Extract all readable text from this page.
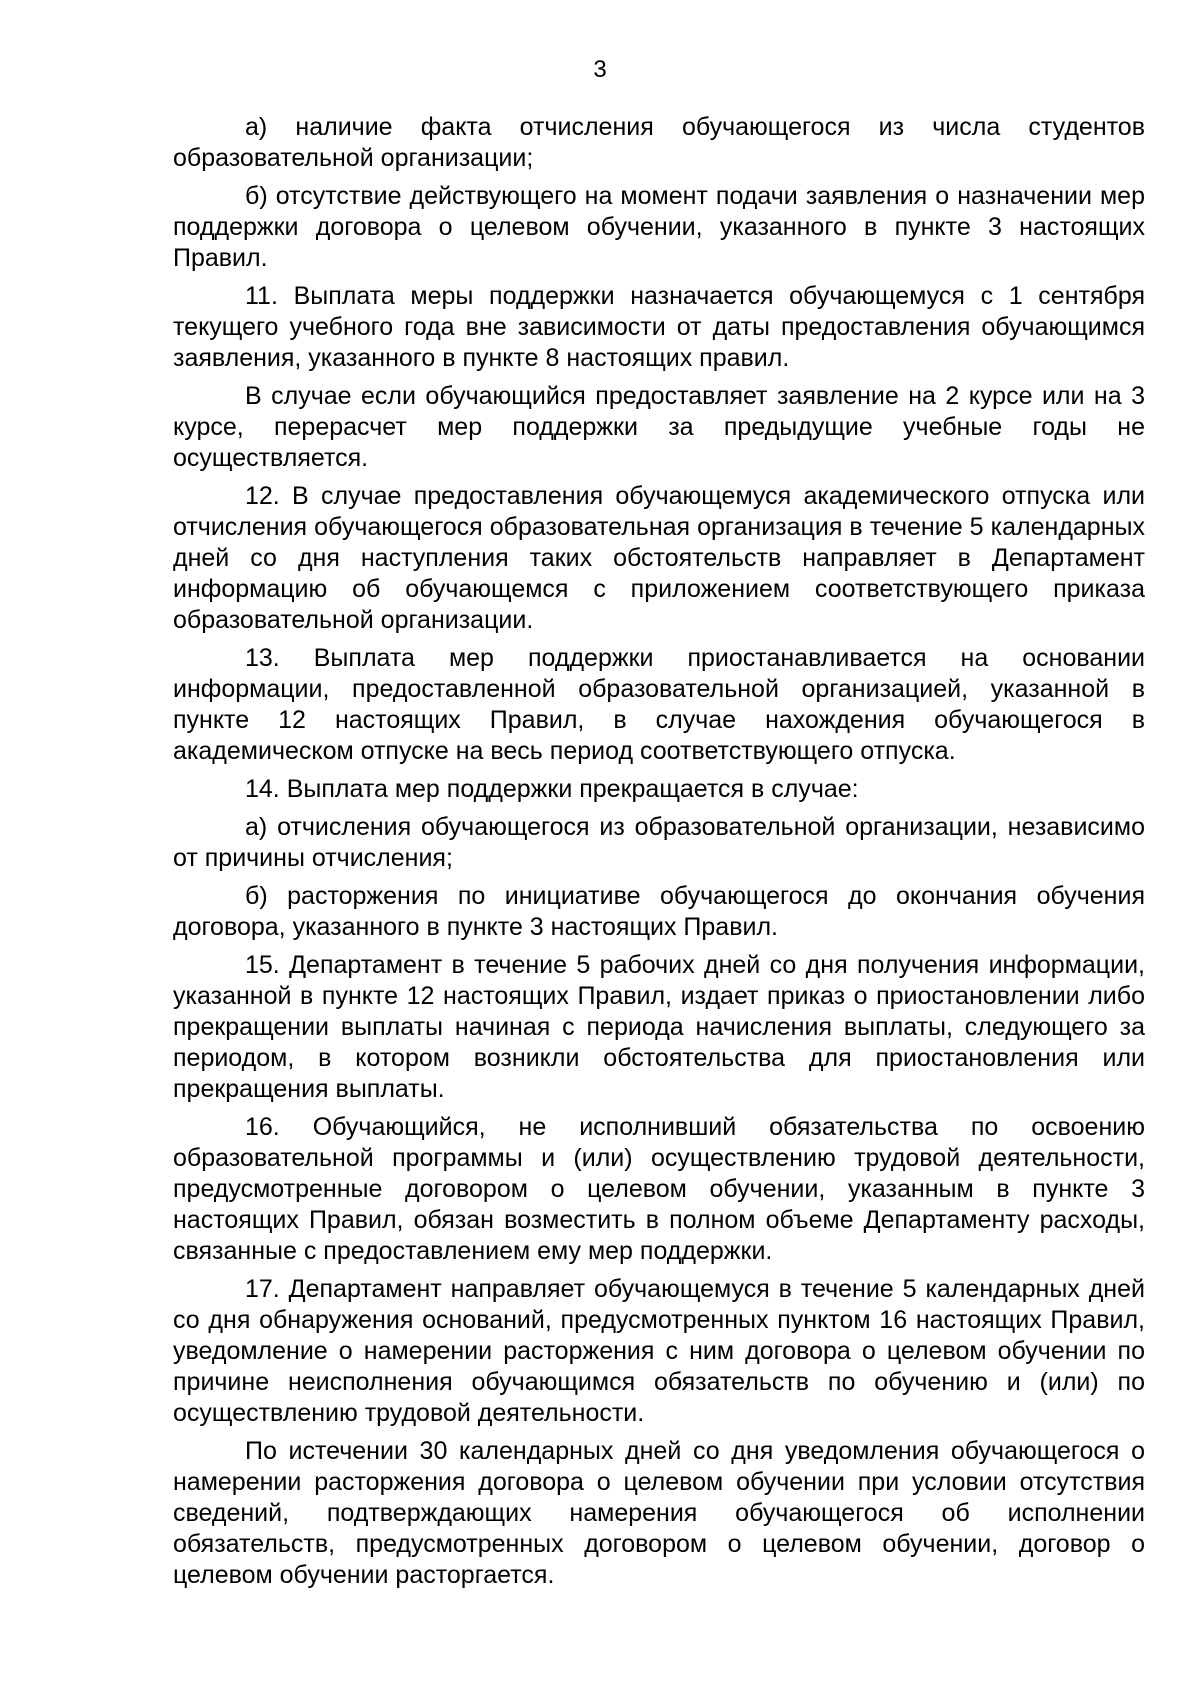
3

а) наличие факта отчисления обучающегося из числа студентов образовательной организации;

б) отсутствие действующего на момент подачи заявления о назначении мер поддержки договора о целевом обучении, указанного в пункте 3 настоящих Правил.

11. Выплата меры поддержки назначается обучающемуся с 1 сентября текущего учебного года вне зависимости от даты предоставления обучающимся заявления, указанного в пункте 8 настоящих правил.

В случае если обучающийся предоставляет заявление на 2 курсе или на 3 курсе, перерасчет мер поддержки за предыдущие учебные годы не осуществляется.

12. В случае предоставления обучающемуся академического отпуска или отчисления обучающегося образовательная организация в течение 5 календарных дней со дня наступления таких обстоятельств направляет в Департамент информацию об обучающемся с приложением соответствующего приказа образовательной организации.

13. Выплата мер поддержки приостанавливается на основании информации, предоставленной образовательной организацией, указанной в пункте 12 настоящих Правил, в случае нахождения обучающегося в академическом отпуске на весь период соответствующего отпуска.

14. Выплата мер поддержки прекращается в случае:

а) отчисления обучающегося из образовательной организации, независимо от причины отчисления;

б) расторжения по инициативе обучающегося до окончания обучения договора, указанного в пункте 3 настоящих Правил.

15. Департамент в течение 5 рабочих дней со дня получения информации, указанной в пункте 12 настоящих Правил, издает приказ о приостановлении либо прекращении выплаты начиная с периода начисления выплаты, следующего за периодом, в котором возникли обстоятельства для приостановления или прекращения выплаты.

16. Обучающийся, не исполнивший обязательства по освоению образовательной программы и (или) осуществлению трудовой деятельности, предусмотренные договором о целевом обучении, указанным в пункте 3 настоящих Правил, обязан возместить в полном объеме Департаменту расходы, связанные с предоставлением ему мер поддержки.

17. Департамент направляет обучающемуся в течение 5 календарных дней со дня обнаружения оснований, предусмотренных пунктом 16 настоящих Правил, уведомление о намерении расторжения с ним договора о целевом обучении по причине неисполнения обучающимся обязательств по обучению и (или) по осуществлению трудовой деятельности.

По истечении 30 календарных дней со дня уведомления обучающегося о намерении расторжения договора о целевом обучении при условии отсутствия сведений, подтверждающих намерения обучающегося об исполнении обязательств, предусмотренных договором о целевом обучении, договор о целевом обучении расторгается.
